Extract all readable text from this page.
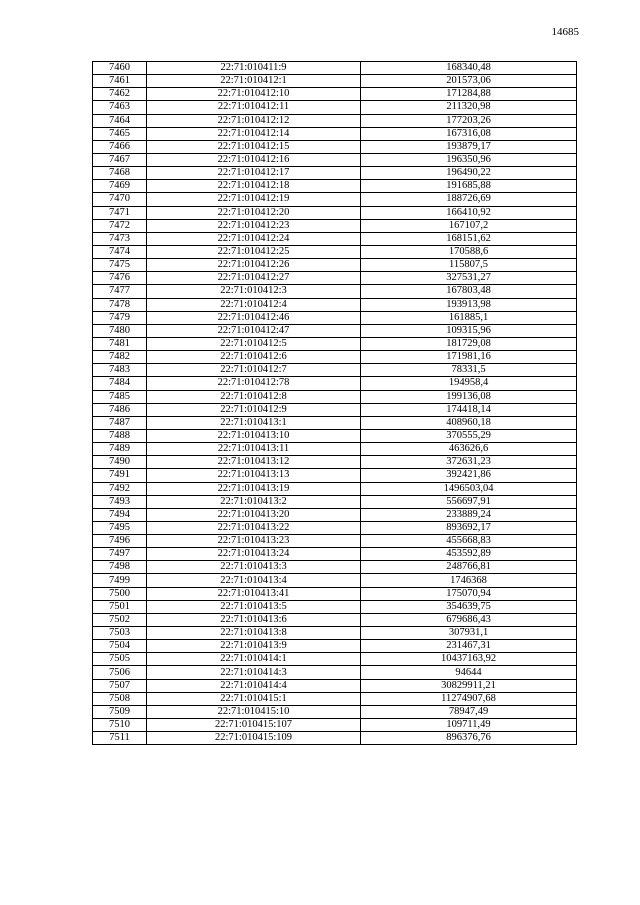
14685
7460	22:71:010411:9	168340,48
7461	22:71:010412:1	201573,06
7462	22:71:010412:10	171284,88
7463	22:71:010412:11	211320,98
7464	22:71:010412:12	177203,26
7465	22:71:010412:14	167316,08
7466	22:71:010412:15	193879,17
7467	22:71:010412:16	196350,96
7468	22:71:010412:17	196490,22
7469	22:71:010412:18	191685,88
7470	22:71:010412:19	188726,69
7471	22:71:010412:20	166410,92
7472	22:71:010412:23	167107,2
7473	22:71:010412:24	168151,62
7474	22:71:010412:25	170588,6
7475	22:71:010412:26	115807,5
7476	22:71:010412:27	327531,27
7477	22:71:010412:3	167803,48
7478	22:71:010412:4	193913,98
7479	22:71:010412:46	161885,1
7480	22:71:010412:47	109315,96
7481	22:71:010412:5	181729,08
7482	22:71:010412:6	171981,16
7483	22:71:010412:7	78331,5
7484	22:71:010412:78	194958,4
7485	22:71:010412:8	199136,08
7486	22:71:010412:9	174418,14
7487	22:71:010413:1	408960,18
7488	22:71:010413:10	370555,29
7489	22:71:010413:11	463626,6
7490	22:71:010413:12	372631,23
7491	22:71:010413:13	392421,86
7492	22:71:010413:19	1496503,04
7493	22:71:010413:2	556697,91
7494	22:71:010413:20	233889,24
7495	22:71:010413:22	893692,17
7496	22:71:010413:23	455668,83
7497	22:71:010413:24	453592,89
7498	22:71:010413:3	248766,81
7499	22:71:010413:4	1746368
7500	22:71:010413:41	175070,94
7501	22:71:010413:5	354639,75
7502	22:71:010413:6	679686,43
7503	22:71:010413:8	307931,1
7504	22:71:010413:9	231467,31
7505	22:71:010414:1	10437163,92
7506	22:71:010414:3	94644
7507	22:71:010414:4	30829911,21
7508	22:71:010415:1	11274907,68
7509	22:71:010415:10	78947,49
7510	22:71:010415:107	109711,49
7511	22:71:010415:109	896376,76
